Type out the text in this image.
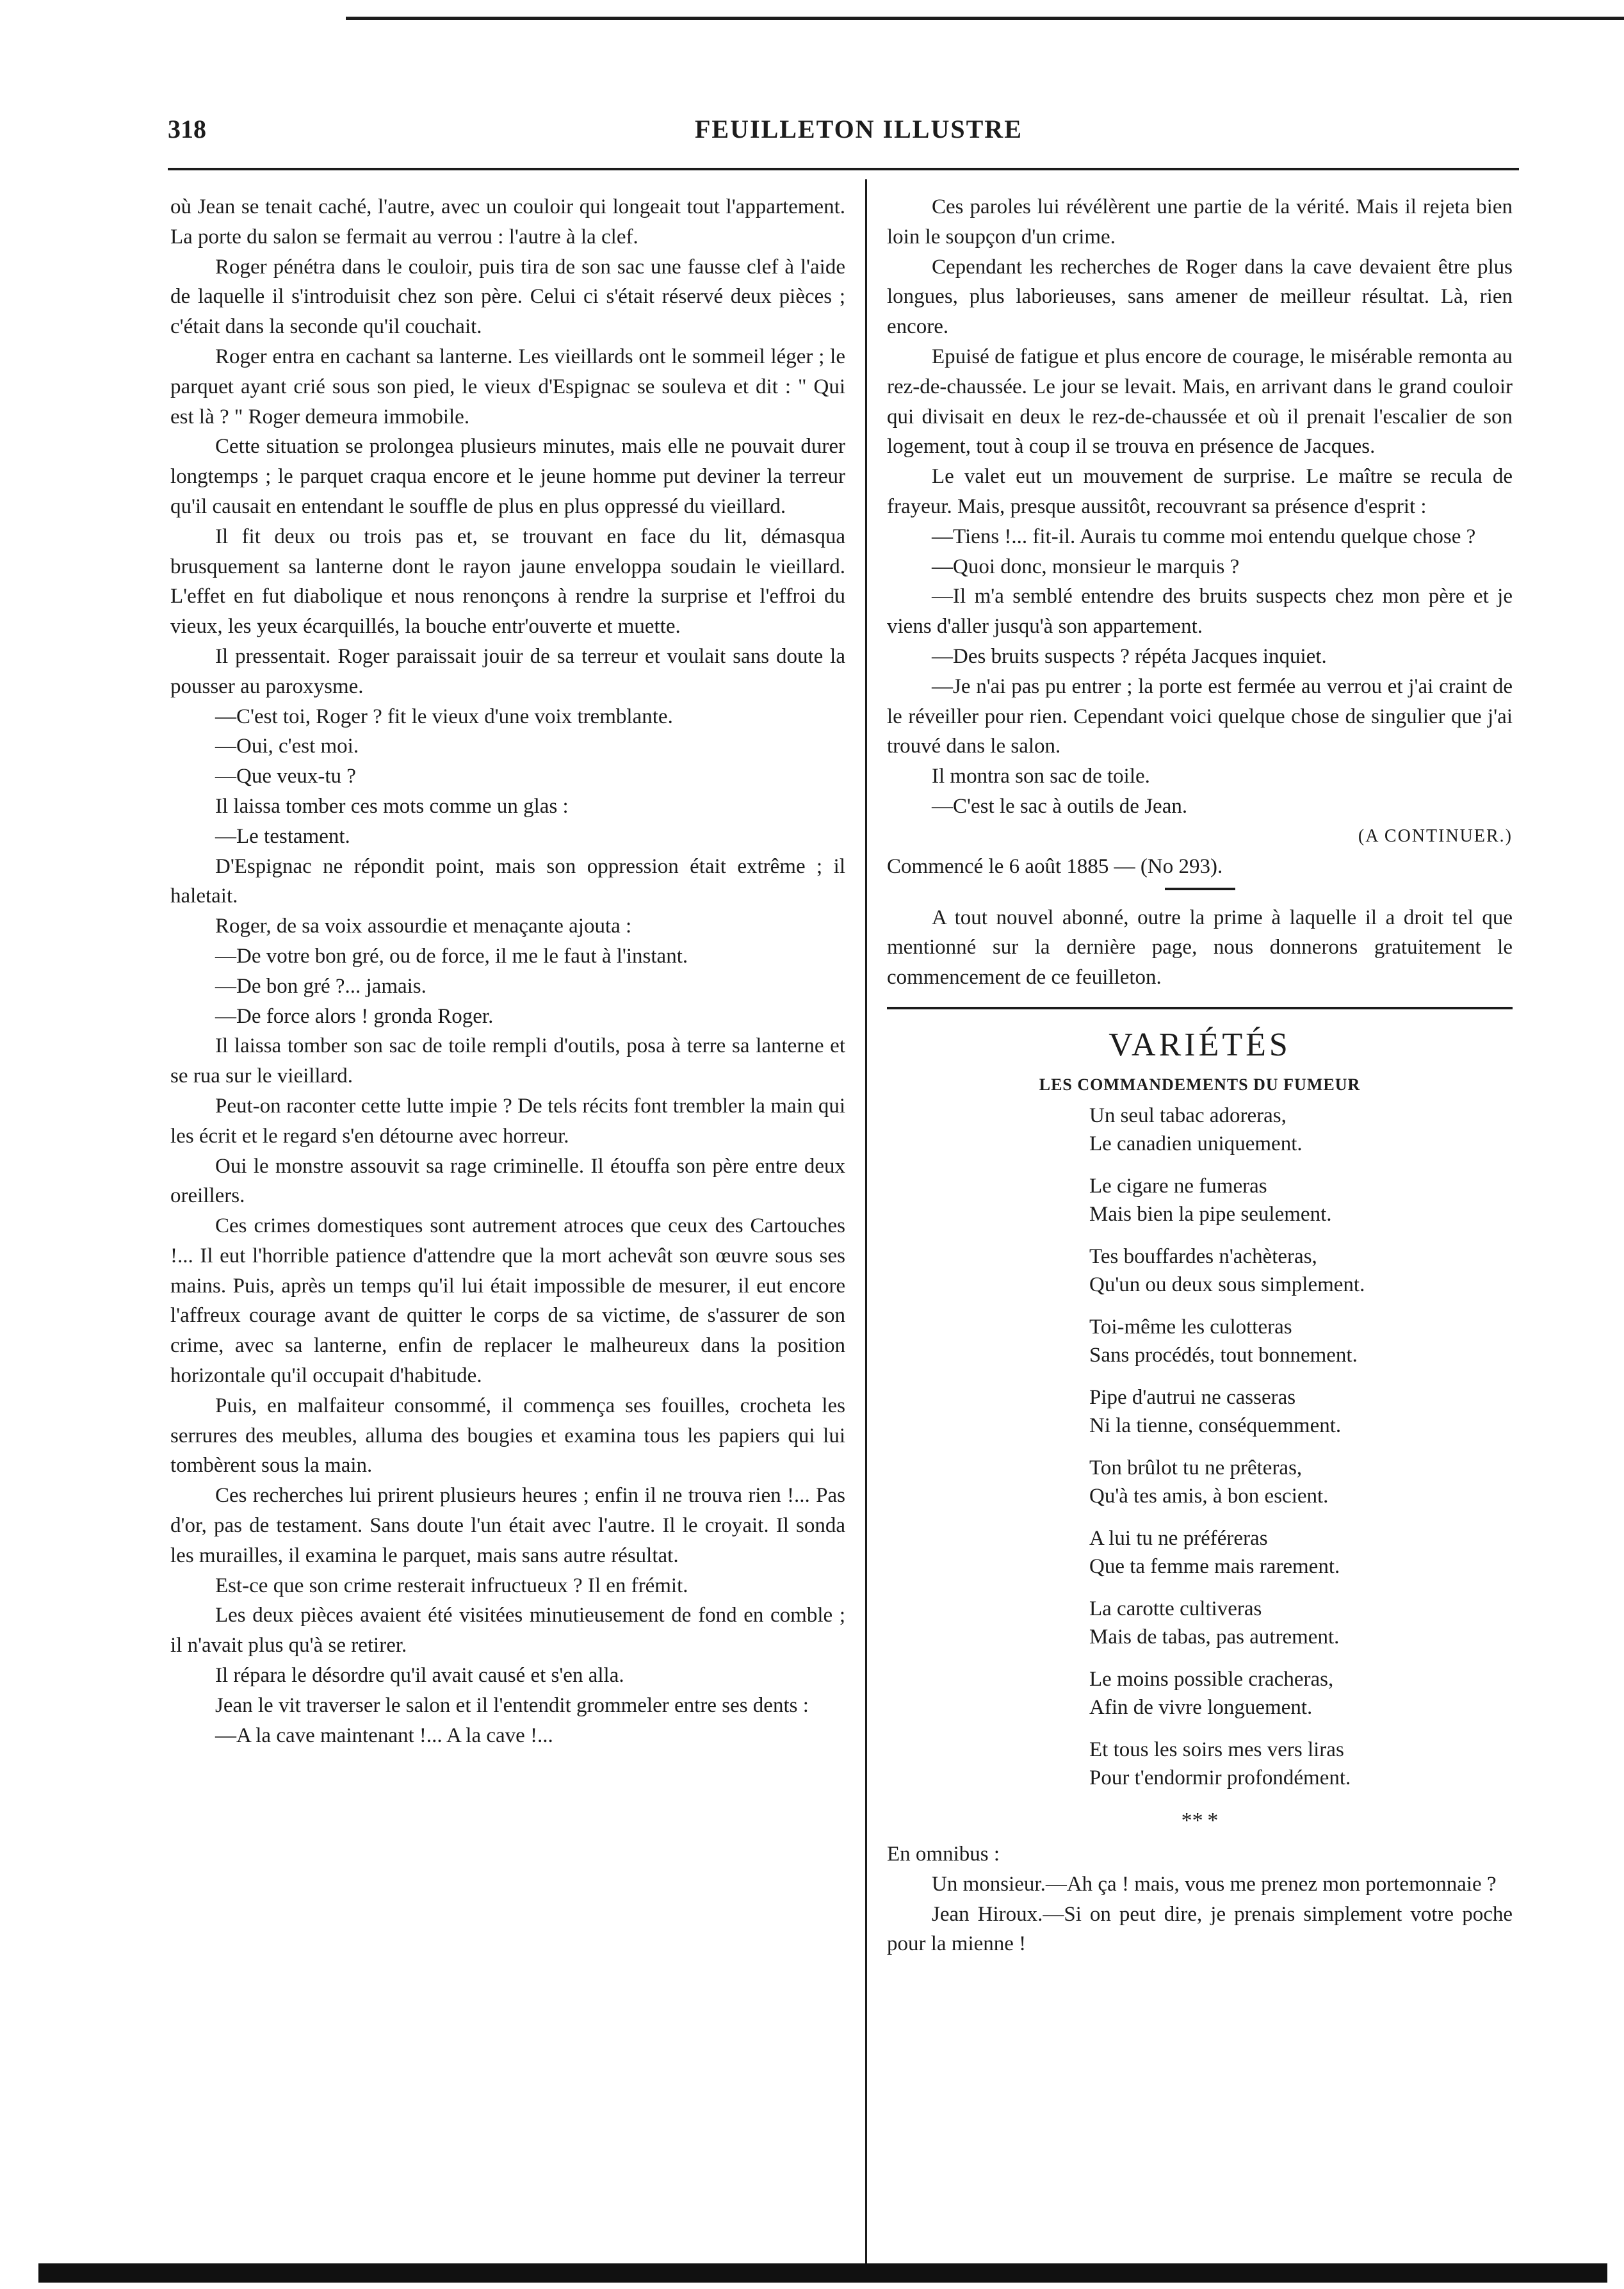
318	FEUILLETON ILLUSTRE

où Jean se tenait caché, l'autre, avec un couloir qui longeait tout l'appartement. La porte du salon se fermait au verrou : l'autre à la clef.

Roger pénétra dans le couloir, puis tira de son sac une fausse clef à l'aide de laquelle il s'introduisit chez son père. Celui ci s'était réservé deux pièces ; c'était dans la seconde qu'il couchait.

Roger entra en cachant sa lanterne. Les vieillards ont le sommeil léger ; le parquet ayant crié sous son pied, le vieux d'Espignac se souleva et dit : " Qui est là ? " Roger demeura immobile.

Cette situation se prolongea plusieurs minutes, mais elle ne pouvait durer longtemps ; le parquet craqua encore et le jeune homme put deviner la terreur qu'il causait en entendant le souffle de plus en plus oppressé du vieillard.

Il fit deux ou trois pas et, se trouvant en face du lit, démasqua brusquement sa lanterne dont le rayon jaune enveloppa soudain le vieillard. L'effet en fut diabolique et nous renonçons à rendre la surprise et l'effroi du vieux, les yeux écarquillés, la bouche entr'ouverte et muette.

Il pressentait. Roger paraissait jouir de sa terreur et voulait sans doute la pousser au paroxysme.

—C'est toi, Roger ? fit le vieux d'une voix tremblante.

—Oui, c'est moi.

—Que veux-tu ?

Il laissa tomber ces mots comme un glas :

—Le testament.

D'Espignac ne répondit point, mais son oppression était extrême ; il haletait.

Roger, de sa voix assourdie et menaçante ajouta :

—De votre bon gré, ou de force, il me le faut à l'instant.

—De bon gré ?... jamais.

—De force alors ! gronda Roger.

Il laissa tomber son sac de toile rempli d'outils, posa à terre sa lanterne et se rua sur le vieillard.

Peut-on raconter cette lutte impie ? De tels récits font trembler la main qui les écrit et le regard s'en détourne avec horreur.

Oui le monstre assouvit sa rage criminelle. Il étouffa son père entre deux oreillers.

Ces crimes domestiques sont autrement atroces que ceux des Cartouches !... Il eut l'horrible patience d'attendre que la mort achevât son œuvre sous ses mains. Puis, après un temps qu'il lui était impossible de mesurer, il eut encore l'affreux courage avant de quitter le corps de sa victime, de s'assurer de son crime, avec sa lanterne, enfin de replacer le malheureux dans la position horizontale qu'il occupait d'habitude.

Puis, en malfaiteur consommé, il commença ses fouilles, crocheta les serrures des meubles, alluma des bougies et examina tous les papiers qui lui tombèrent sous la main.

Ces recherches lui prirent plusieurs heures ; enfin il ne trouva rien !... Pas d'or, pas de testament. Sans doute l'un était avec l'autre. Il le croyait. Il sonda les murailles, il examina le parquet, mais sans autre résultat.

Est-ce que son crime resterait infructueux ? Il en frémit.

Les deux pièces avaient été visitées minutieusement de fond en comble ; il n'avait plus qu'à se retirer.

Il répara le désordre qu'il avait causé et s'en alla.

Jean le vit traverser le salon et il l'entendit grommeler entre ses dents :

—A la cave maintenant !... A la cave !...

Ces paroles lui révélèrent une partie de la vérité. Mais il rejeta bien loin le soupçon d'un crime.

Cependant les recherches de Roger dans la cave devaient être plus longues, plus laborieuses, sans amener de meilleur résultat. Là, rien encore.

Epuisé de fatigue et plus encore de courage, le misérable remonta au rez-de-chaussée. Le jour se levait. Mais, en arrivant dans le grand couloir qui divisait en deux le rez-de-chaussée et où il prenait l'escalier de son logement, tout à coup il se trouva en présence de Jacques.

Le valet eut un mouvement de surprise. Le maître se recula de frayeur. Mais, presque aussitôt, recouvrant sa présence d'esprit :

—Tiens !... fit-il. Aurais tu comme moi entendu quelque chose ?

—Quoi donc, monsieur le marquis ?

—Il m'a semblé entendre des bruits suspects chez mon père et je viens d'aller jusqu'à son appartement.

—Des bruits suspects ? répéta Jacques inquiet.

—Je n'ai pas pu entrer ; la porte est fermée au verrou et j'ai craint de le réveiller pour rien. Cependant voici quelque chose de singulier que j'ai trouvé dans le salon.

Il montra son sac de toile.

—C'est le sac à outils de Jean.

(A CONTINUER.)

Commencé le 6 août 1885 — (No 293).

A tout nouvel abonné, outre la prime à laquelle il a droit tel que mentionné sur la dernière page, nous donnerons gratuitement le commencement de ce feuilleton.

VARIÉTÉS
LES COMMANDEMENTS DU FUMEUR
Un seul tabac adoreras,
Le canadien uniquement.
Le cigare ne fumeras
Mais bien la pipe seulement.
Tes bouffardes n'achèteras,
Qu'un ou deux sous simplement.
Toi-même les culotteras
Sans procédés, tout bonnement.
Pipe d'autrui ne casseras
Ni la tienne, conséquemment.
Ton brûlot tu ne prêteras,
Qu'à tes amis, à bon escient.
A lui tu ne préféreras
Que ta femme mais rarement.
La carotte cultiveras
Mais de tabas, pas autrement.
Le moins possible cracheras,
Afin de vivre longuement.
Et tous les soirs mes vers liras
Pour t'endormir profondément.
** *

En omnibus :

Un monsieur.—Ah ça ! mais, vous me prenez mon portemonnaie ?

Jean Hiroux.—Si on peut dire, je prenais simplement votre poche pour la mienne !
